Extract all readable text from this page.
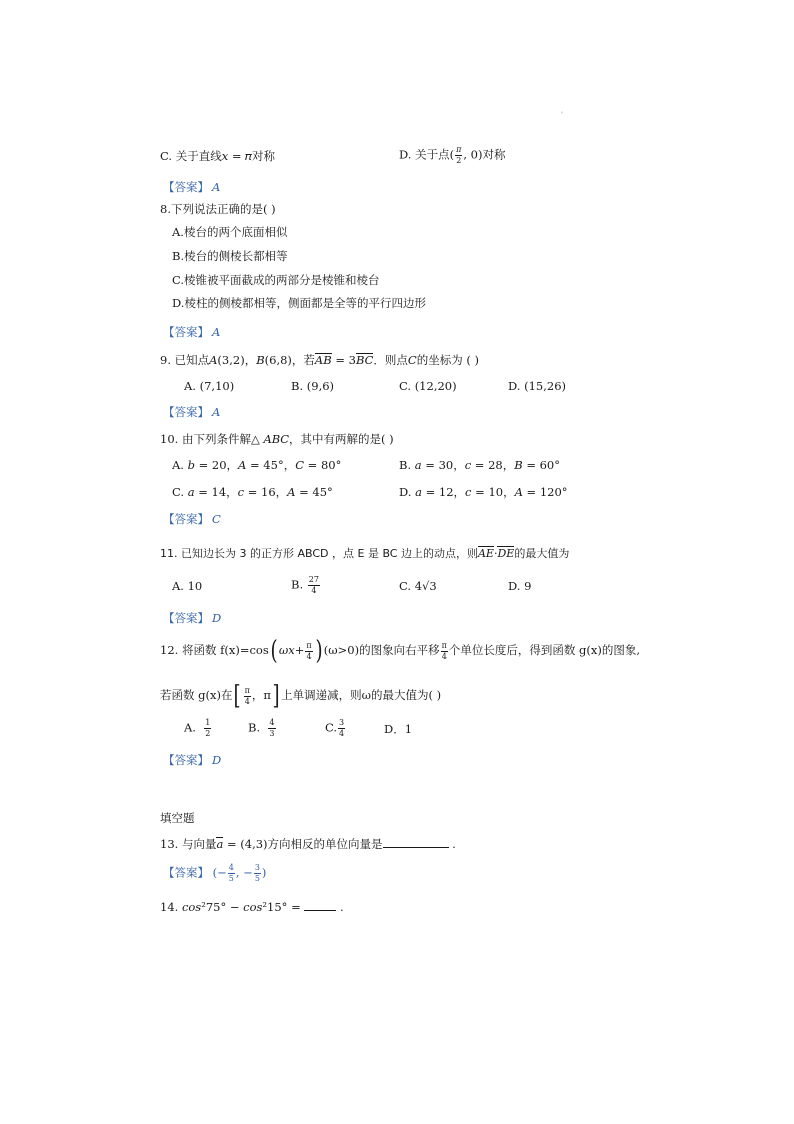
'
C. 关于直线𝑥 = 𝜋对称	D. 关于点( $\frac{\pi}{2}$ , 0)对称
【答案】 A
8.下列说法正确的是( )
A.棱台的两个底面相似
B.棱台的侧棱长都相等
C.棱锥被平面截成的两部分是棱锥和棱台
D.棱柱的侧棱都相等，侧面都是全等的平行四边形
【答案】 A
9. 已知点𝐴(3,2)，𝐵(6,8)，若AB = 3BC．则点𝐶的坐标为 ( )
A. (7,10)	B. (9,6)	C. (12,20)	D. (15,26)
【答案】 A
10. 由下列条件解△ 𝐴𝐵𝐶，其中有两解的是( )
A. 𝑏 = 20，𝐴 = 45°，𝐶 = 80°	B. 𝑎 = 30，𝑐 = 28，𝐵 = 60°
C. 𝑎 = 14，𝑐 = 16，𝐴 = 45°	D. 𝑎 = 12，𝑐 = 10，𝐴 = 120°
【答案】 C
11. 已知边长为 3 的正方形 ABCD ，点 E 是 BC 边上的动点，则AE·DE的最大值为
A. 10	B. $\frac{27}{4}$	C. 4√3	D. 9
【答案】 D
12. 将函数 f(x)=cos( $\omega x+ \frac{\pi}{4}$ ) (ω>0)的图象向右平移 $\frac{\pi}{4}$ 个单位长度后，得到函数 g(x)的图象,
若函数 g(x)在[ $\frac{\pi}{4}$ ，π] 上单调递减，则ω的最大值为( )
A. $\frac{1}{2}$	B. $\frac{4}{3}$	C. $\frac{3}{4}$	D．1
【答案】 D
填空题
13. 与向量a = (4,3)方向相反的单位向量是	.
【答案】 (− $\frac{4}{5}$ , − $\frac{3}{5}$ )
14. 𝑐𝑜𝑠²75° − 𝑐𝑜𝑠²15° =	.
